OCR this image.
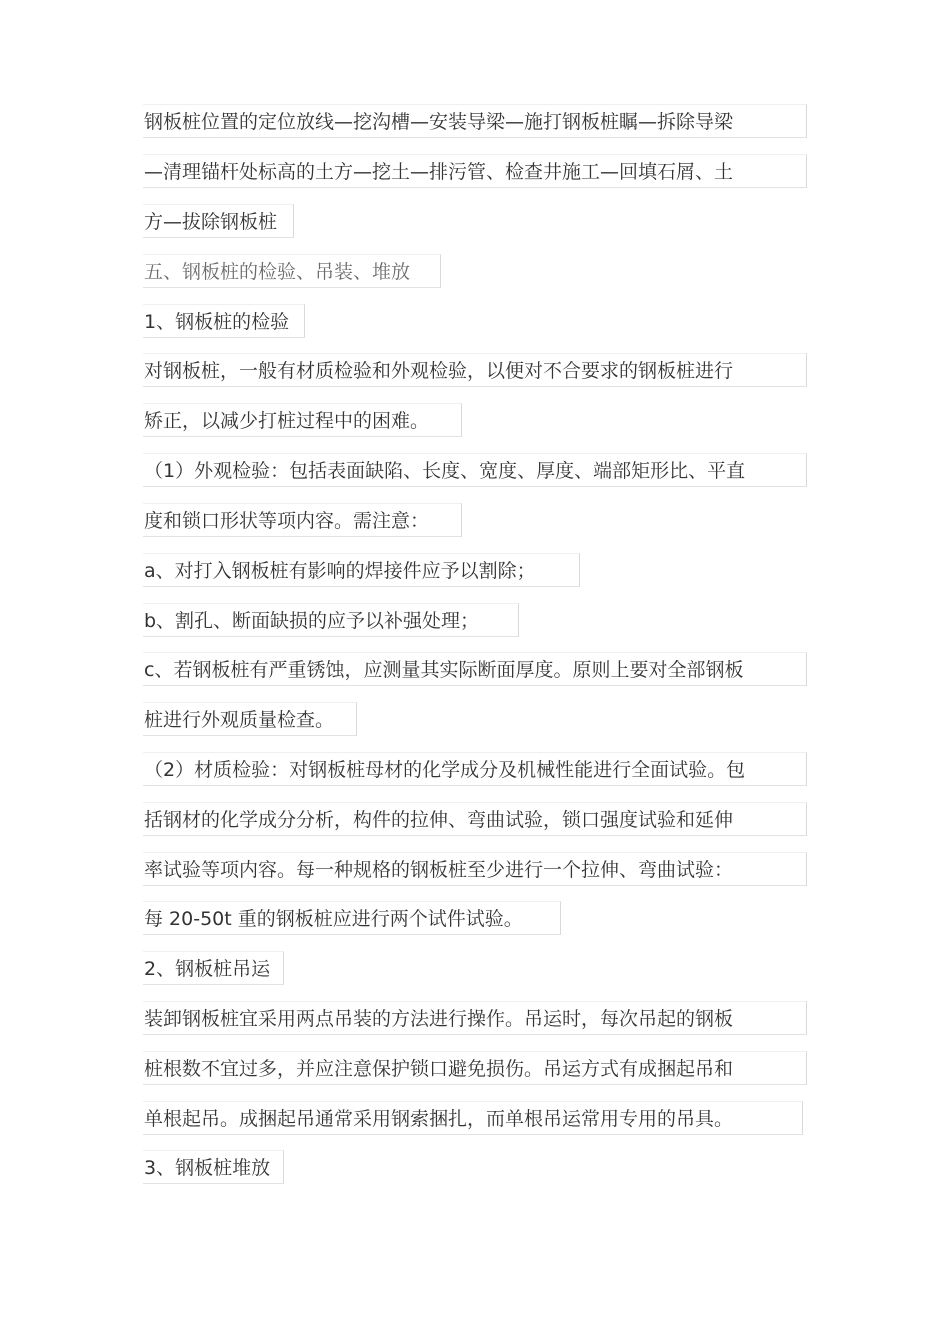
钢板桩位置的定位放线—挖沟槽—安装导梁—施打钢板桩瞩—拆除导梁
—清理锚杆处标高的土方—挖土—排污管、检查井施工—回填石屑、土
方—拔除钢板桩
五、钢板桩的检验、吊装、堆放
1、钢板桩的检验
对钢板桩，一般有材质检验和外观检验，以便对不合要求的钢板桩进行
矫正，以减少打桩过程中的困难。
（1）外观检验：包括表面缺陷、长度、宽度、厚度、端部矩形比、平直
度和锁口形状等项内容。需注意：
a、对打入钢板桩有影响的焊接件应予以割除；
b、割孔、断面缺损的应予以补强处理；
c、若钢板桩有严重锈蚀，应测量其实际断面厚度。原则上要对全部钢板
桩进行外观质量检查。
（2）材质检验：对钢板桩母材的化学成分及机械性能进行全面试验。包
括钢材的化学成分分析，构件的拉伸、弯曲试验，锁口强度试验和延伸
率试验等项内容。每一种规格的钢板桩至少进行一个拉伸、弯曲试验：
每 20-50t 重的钢板桩应进行两个试件试验。
2、钢板桩吊运
装卸钢板桩宜采用两点吊装的方法进行操作。吊运时，每次吊起的钢板
桩根数不宜过多，并应注意保护锁口避免损伤。吊运方式有成捆起吊和
单根起吊。成捆起吊通常采用钢索捆扎，而单根吊运常用专用的吊具。
3、钢板桩堆放
